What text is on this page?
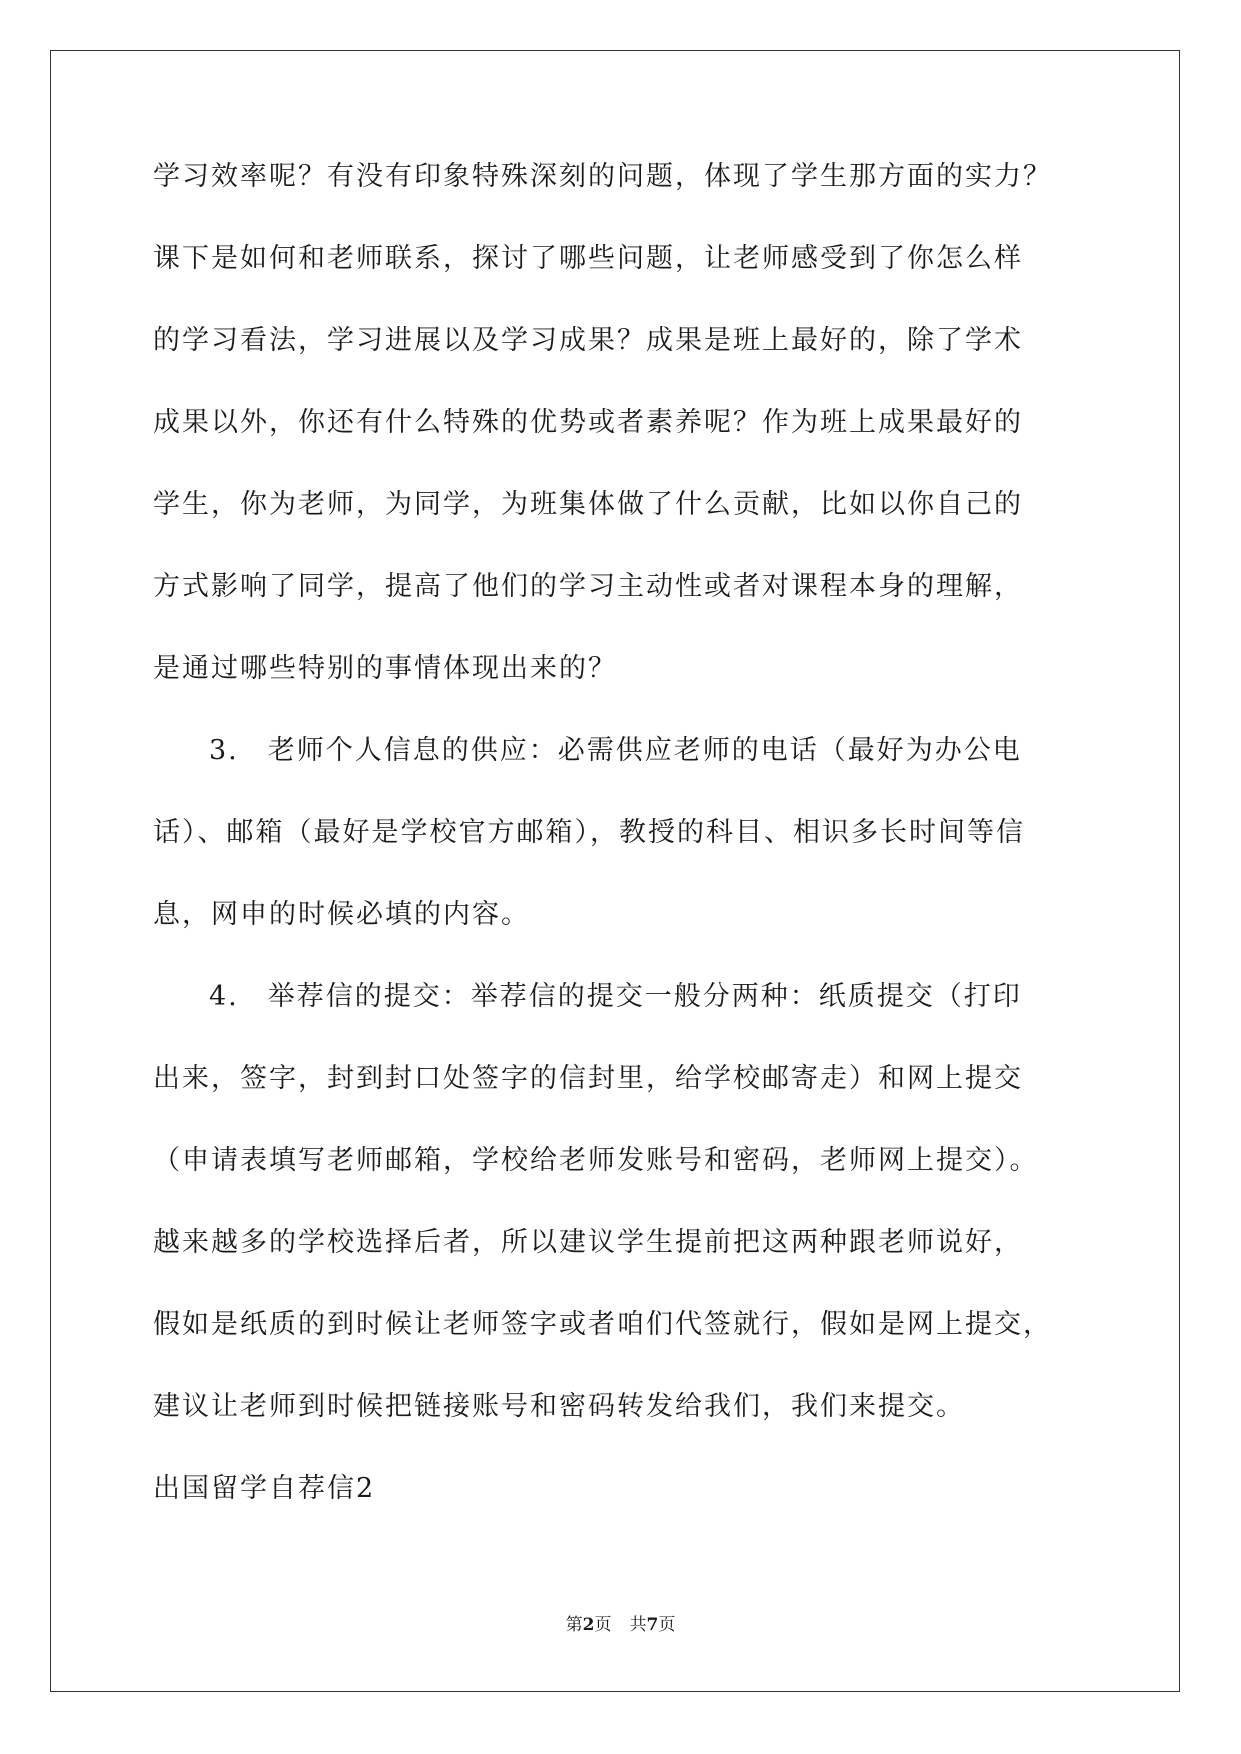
学习效率呢？有没有印象特殊深刻的问题，体现了学生那方面的实力？
课下是如何和老师联系，探讨了哪些问题，让老师感受到了你怎么样
的学习看法，学习进展以及学习成果？成果是班上最好的，除了学术
成果以外，你还有什么特殊的优势或者素养呢？作为班上成果最好的
学生，你为老师，为同学，为班集体做了什么贡献，比如以你自己的
方式影响了同学，提高了他们的学习主动性或者对课程本身的理解，
是通过哪些特别的事情体现出来的？
3.　老师个人信息的供应：必需供应老师的电话（最好为办公电
话）、邮箱（最好是学校官方邮箱），教授的科目、相识多长时间等信
息，网申的时候必填的内容。
4.　举荐信的提交：举荐信的提交一般分两种：纸质提交（打印
出来，签字，封到封口处签字的信封里，给学校邮寄走）和网上提交
（申请表填写老师邮箱，学校给老师发账号和密码，老师网上提交）。
越来越多的学校选择后者，所以建议学生提前把这两种跟老师说好，
假如是纸质的到时候让老师签字或者咱们代签就行，假如是网上提交，
建议让老师到时候把链接账号和密码转发给我们，我们来提交。
出国留学自荐信2
第2页 共7页
